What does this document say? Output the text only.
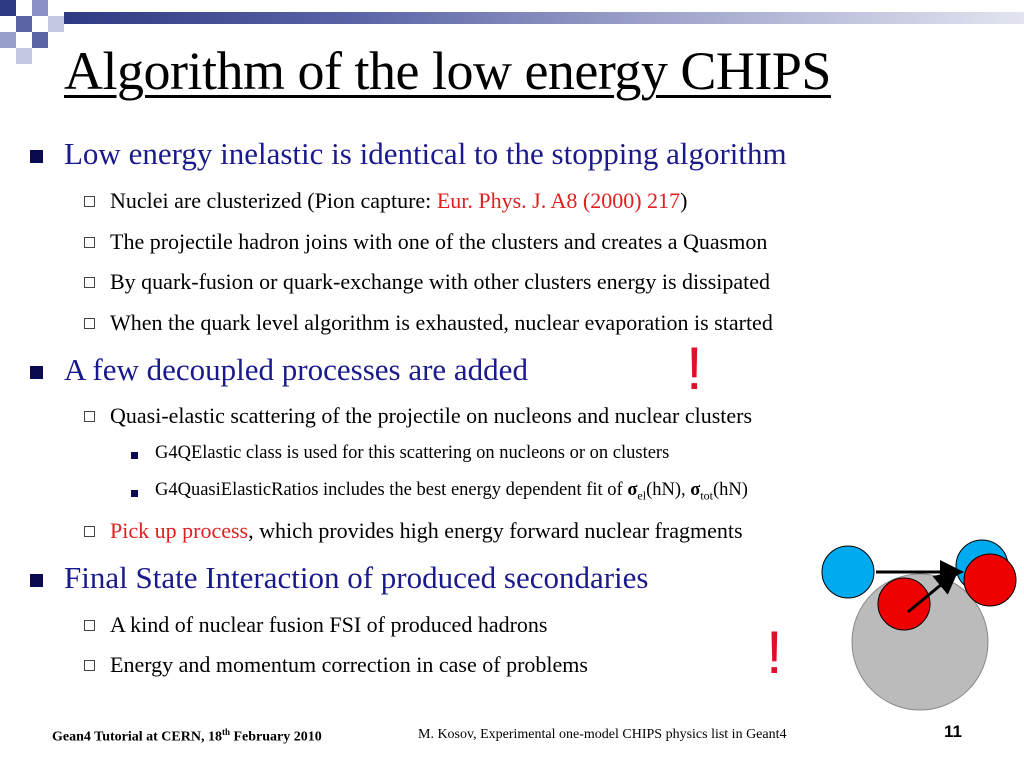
Algorithm of the low energy CHIPS
Low energy inelastic is identical to the stopping algorithm
Nuclei are clusterized (Pion capture: Eur. Phys. J. A8 (2000) 217)
The projectile hadron joins with one of the clusters and creates a Quasmon
By quark-fusion or quark-exchange with other clusters energy is dissipated
When the quark level algorithm is exhausted, nuclear evaporation is started
A few decoupled processes are added	!
Quasi-elastic scattering of the projectile on nucleons and nuclear clusters
G4QElastic class is used for this scattering on nucleons or on clusters
G4QuasiElasticRatios includes the best energy dependent fit of $\sigma_{el}(hN)$, $\sigma_{tot}(hN)$
Pick up process, which provides high energy forward nuclear fragments
Final State Interaction of produced secondaries
A kind of nuclear fusion FSI of produced hadrons
Energy and momentum correction in case of problems	!
Gean4 Tutorial at CERN, 18th February 2010	M. Kosov, Experimental one-model CHIPS physics list in Geant4	11
